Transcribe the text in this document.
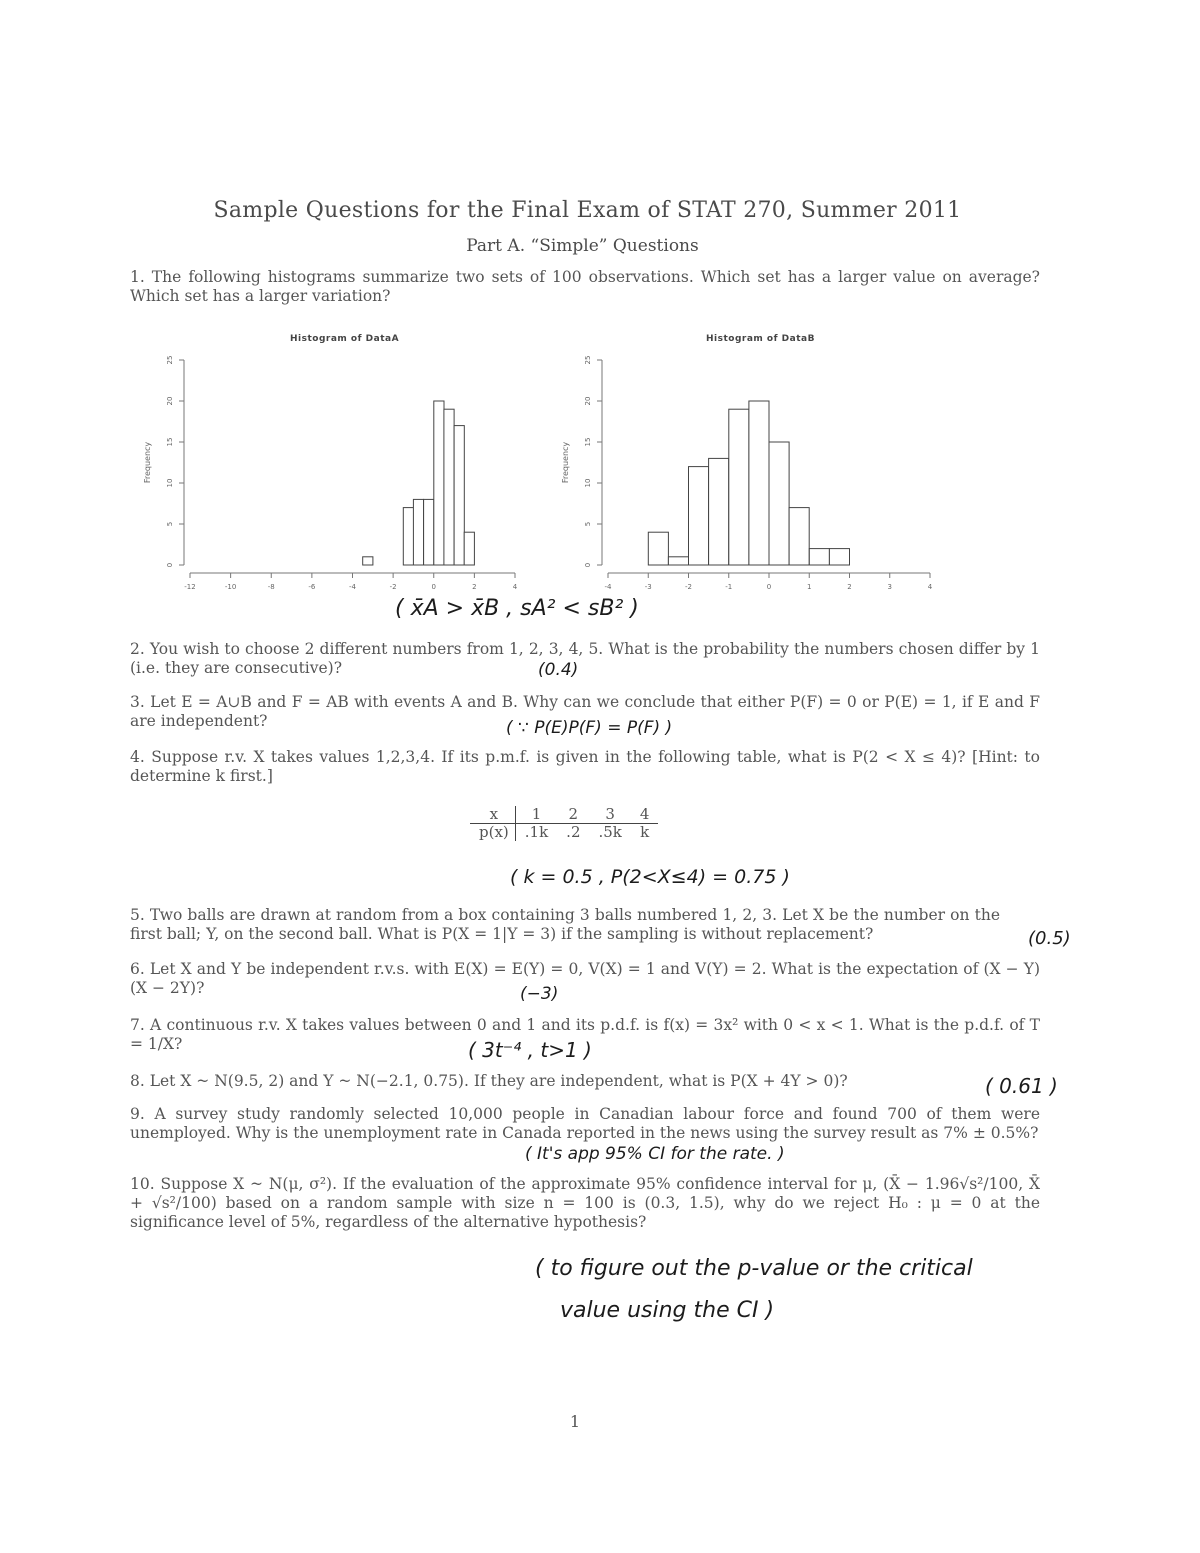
Sample Questions for the Final Exam of STAT 270, Summer 2011
Part A. “Simple” Questions
1. The following histograms summarize two sets of 100 observations. Which set has a larger value on average? Which set has a larger variation?
-12	-10	-8	-6	-4	-2	0	2	4
0
5
10
15
20
25
Frequency
-4	-3	-2	-1	0	1	2	3	4
0
5
10
15
20
25
Frequency
Histogram of DataA	Histogram of DataB
( x̄A > x̄B , sA² < sB² )
2. You wish to choose 2 different numbers from 1, 2, 3, 4, 5. What is the probability the numbers chosen differ by 1 (i.e. they are consecutive)?	(0.4)
3. Let E = A∪B and F = AB with events A and B. Why can we conclude that either P(F) = 0 or P(E) = 1, if E and F are independent?	( ∵ P(E)P(F) = P(F) )
4. Suppose r.v. X takes values 1,2,3,4. If its p.m.f. is given in the following table, what is P(2 < X ≤ 4)? [Hint: to determine k first.]
x	1	2	3	4
p(x)	.1k	.2	.5k	k
( k = 0.5 , P(2<X≤4) = 0.75 )
5. Two balls are drawn at random from a box containing 3 balls numbered 1, 2, 3. Let X be the number on the first ball; Y, on the second ball. What is P(X = 1|Y = 3) if the sampling is without replacement?	(0.5)
6. Let X and Y be independent r.v.s. with E(X) = E(Y) = 0, V(X) = 1 and V(Y) = 2. What is the expectation of (X − Y)(X − 2Y)?	(−3)
7. A continuous r.v. X takes values between 0 and 1 and its p.d.f. is f(x) = 3x² with 0 < x < 1. What is the p.d.f. of T = 1/X?	( 3t⁻⁴ , t>1 )
8. Let X ~ N(9.5, 2) and Y ~ N(−2.1, 0.75). If they are independent, what is P(X + 4Y > 0)?	( 0.61 )
9. A survey study randomly selected 10,000 people in Canadian labour force and found 700 of them were unemployed. Why is the unemployment rate in Canada reported in the news using the survey result as 7% ± 0.5%?
( It's app 95% CI for the rate. )
10. Suppose X ~ N(μ, σ²). If the evaluation of the approximate 95% confidence interval for μ, (X̄ − 1.96√s²/100, X̄ + √s²/100) based on a random sample with size n = 100 is (0.3, 1.5), why do we reject H₀ : μ = 0 at the significance level of 5%, regardless of the alternative hypothesis?
( to figure out the p-value or the critical
value using the CI )
1
